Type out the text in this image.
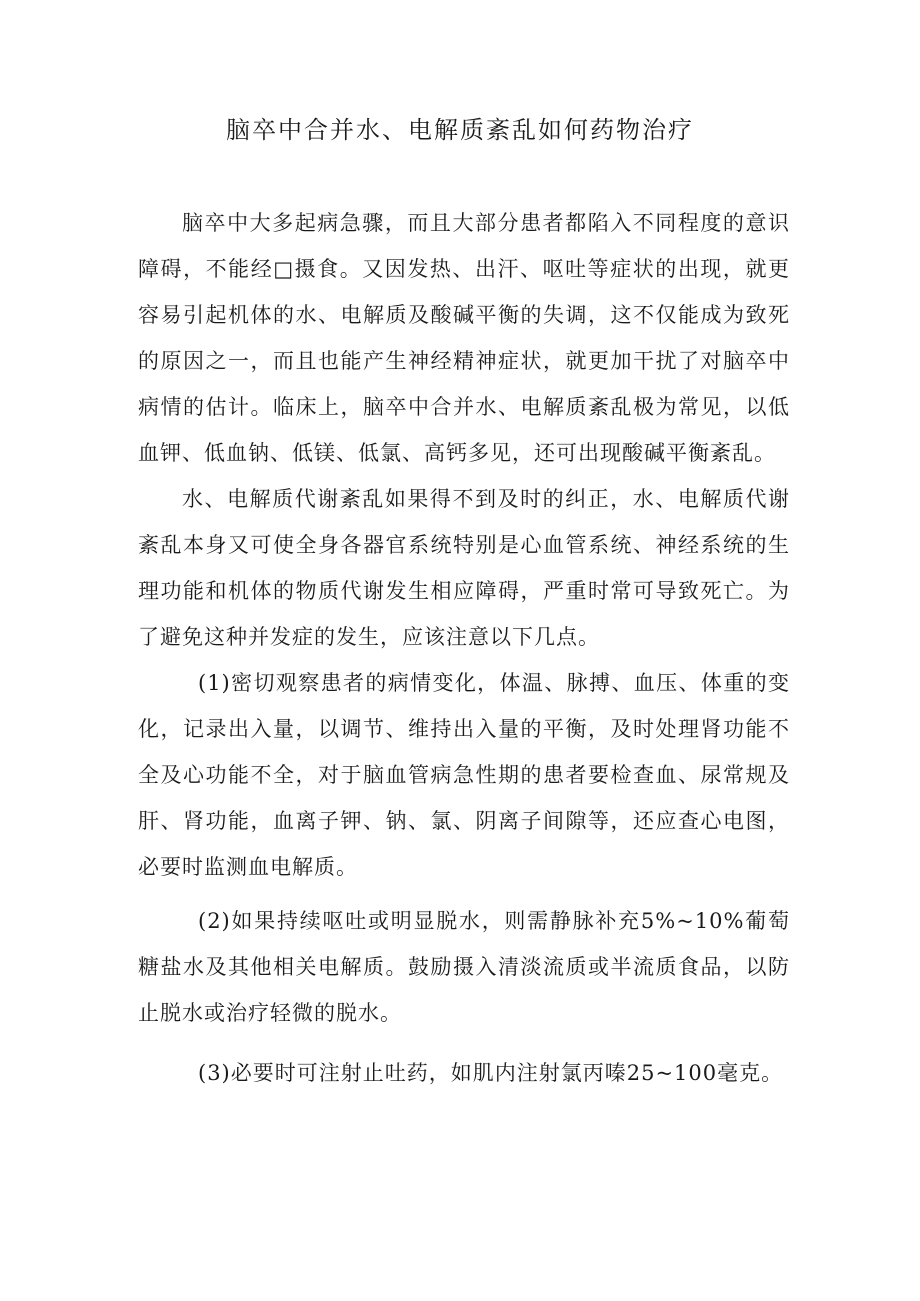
脑卒中合并水、电解质紊乱如何药物治疗

脑卒中大多起病急骤，而且大部分患者都陷入不同程度的意识障碍，不能经□摄食。又因发热、出汗、呕吐等症状的出现，就更容易引起机体的水、电解质及酸碱平衡的失调，这不仅能成为致死的原因之一，而且也能产生神经精神症状，就更加干扰了对脑卒中病情的估计。临床上，脑卒中合并水、电解质紊乱极为常见，以低血钾、低血钠、低镁、低氯、高钙多见，还可出现酸碱平衡紊乱。

水、电解质代谢紊乱如果得不到及时的纠正，水、电解质代谢紊乱本身又可使全身各器官系统特别是心血管系统、神经系统的生理功能和机体的物质代谢发生相应障碍，严重时常可导致死亡。为了避免这种并发症的发生，应该注意以下几点。

(1)密切观察患者的病情变化，体温、脉搏、血压、体重的变化，记录出入量，以调节、维持出入量的平衡，及时处理肾功能不全及心功能不全，对于脑血管病急性期的患者要检查血、尿常规及肝、肾功能，血离子钾、钠、氯、阴离子间隙等，还应查心电图，必要时监测血电解质。

(2)如果持续呕吐或明显脱水，则需静脉补充5%~10%葡萄糖盐水及其他相关电解质。鼓励摄入清淡流质或半流质食品，以防止脱水或治疗轻微的脱水。

(3)必要时可注射止吐药，如肌内注射氯丙嗪25~100毫克。
